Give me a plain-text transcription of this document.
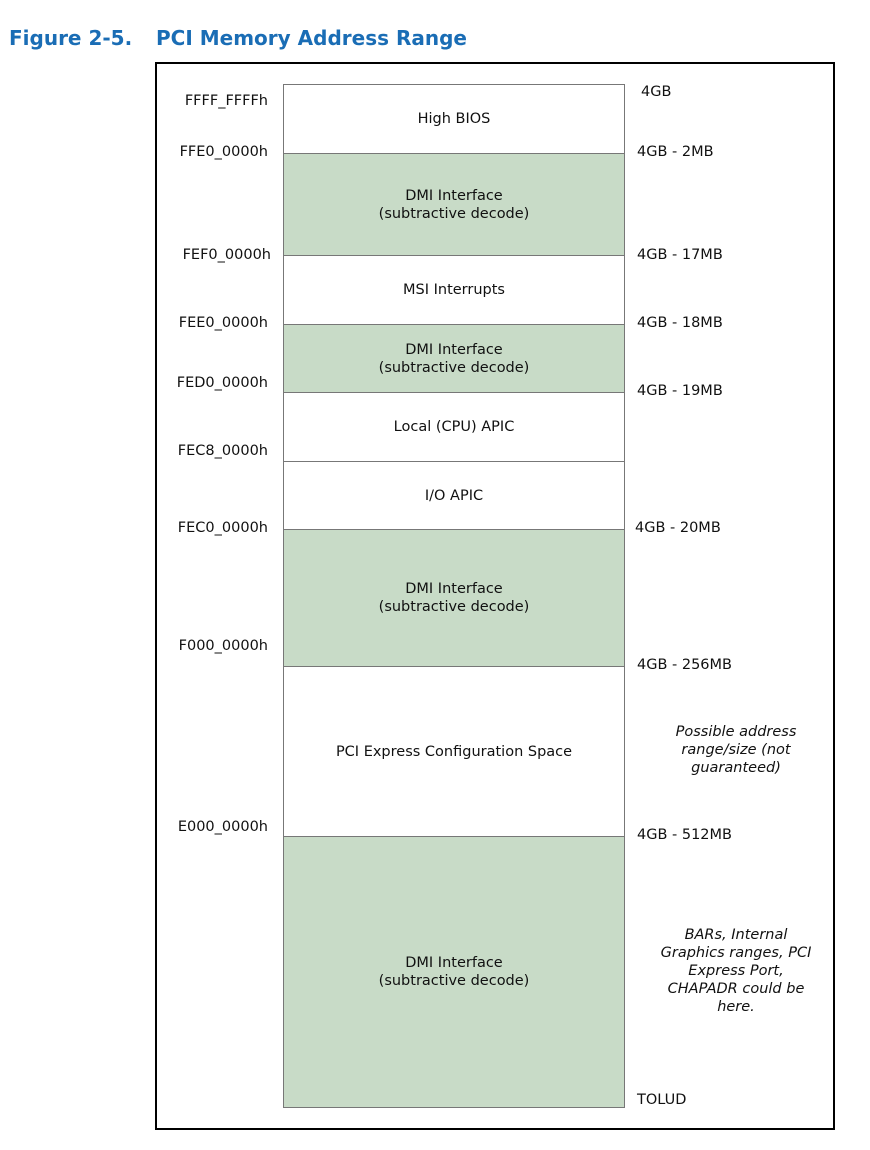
Figure 2-5. PCI Memory Address Range
High BIOS
DMI Interface
(subtractive decode)
MSI Interrupts
DMI Interface
(subtractive decode)
Local (CPU) APIC
I/O APIC
DMI Interface
(subtractive decode)
PCI Express Configuration Space
DMI Interface
(subtractive decode)
FFFF_FFFFh
FFE0_0000h
FEF0_0000h
FEE0_0000h
FED0_0000h
FEC8_0000h
FEC0_0000h
F000_0000h
E000_0000h
4GB
4GB - 2MB
4GB - 17MB
4GB - 18MB
4GB - 19MB
4GB - 20MB
4GB - 256MB
4GB - 512MB
TOLUD
Possible address
range/size (not
guaranteed)
BARs, Internal
Graphics ranges, PCI
Express Port,
CHAPADR could be
here.
